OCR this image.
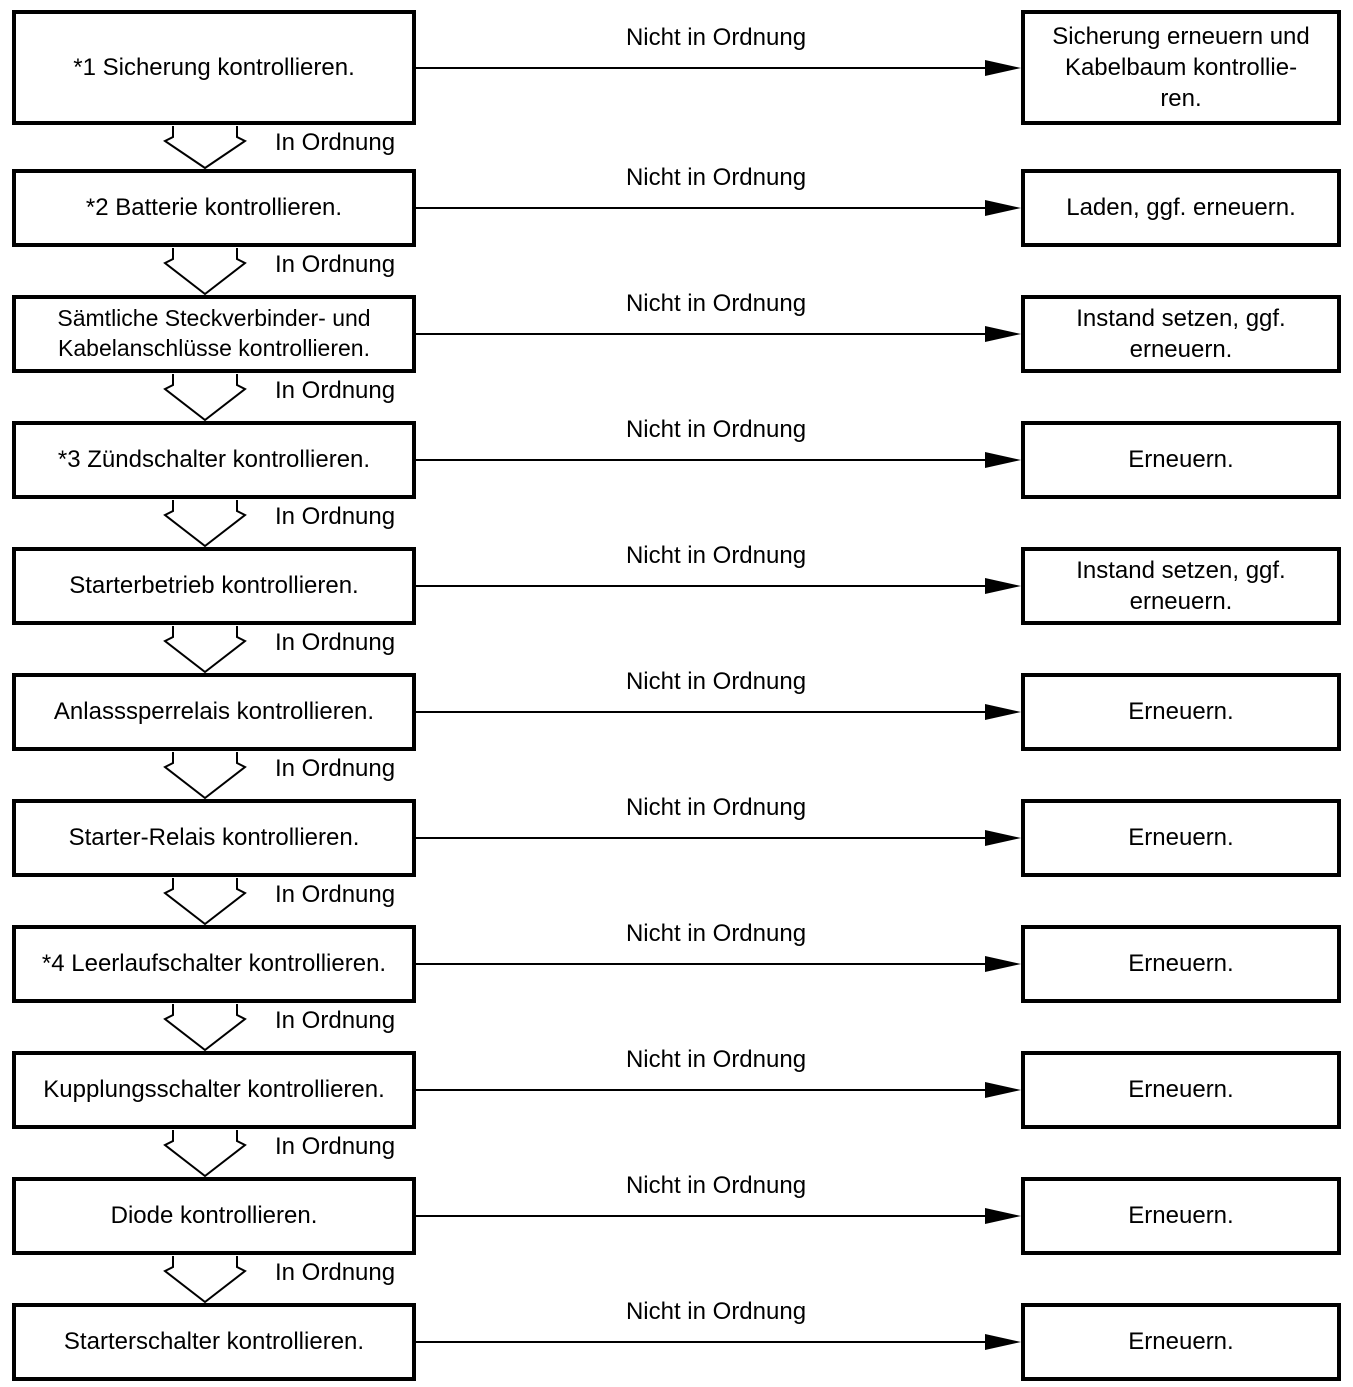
*1 Sicherung kontrollieren.
Sicherung erneuern und
Kabelbaum kontrollie-
ren.
Nicht in Ordnung
In Ordnung
*2 Batterie kontrollieren.	Laden, ggf. erneuern.
Nicht in Ordnung
In Ordnung
Sämtliche Steckverbinder- und Kabelanschlüsse kontrollieren.
Instand setzen, ggf.
erneuern.
Nicht in Ordnung
In Ordnung
*3 Zündschalter kontrollieren.	Erneuern.
Nicht in Ordnung
In Ordnung
Starterbetrieb kontrollieren.
Instand setzen, ggf.
erneuern.
Nicht in Ordnung
In Ordnung
Anlasssperrelais kontrollieren.	Erneuern.
Nicht in Ordnung
In Ordnung
Starter-Relais kontrollieren.	Erneuern.
Nicht in Ordnung
In Ordnung
*4 Leerlaufschalter kontrollieren.	Erneuern.
Nicht in Ordnung
In Ordnung
Kupplungsschalter kontrollieren.	Erneuern.
Nicht in Ordnung
In Ordnung
Diode kontrollieren.	Erneuern.
Nicht in Ordnung
In Ordnung
Starterschalter kontrollieren.	Erneuern.
Nicht in Ordnung
